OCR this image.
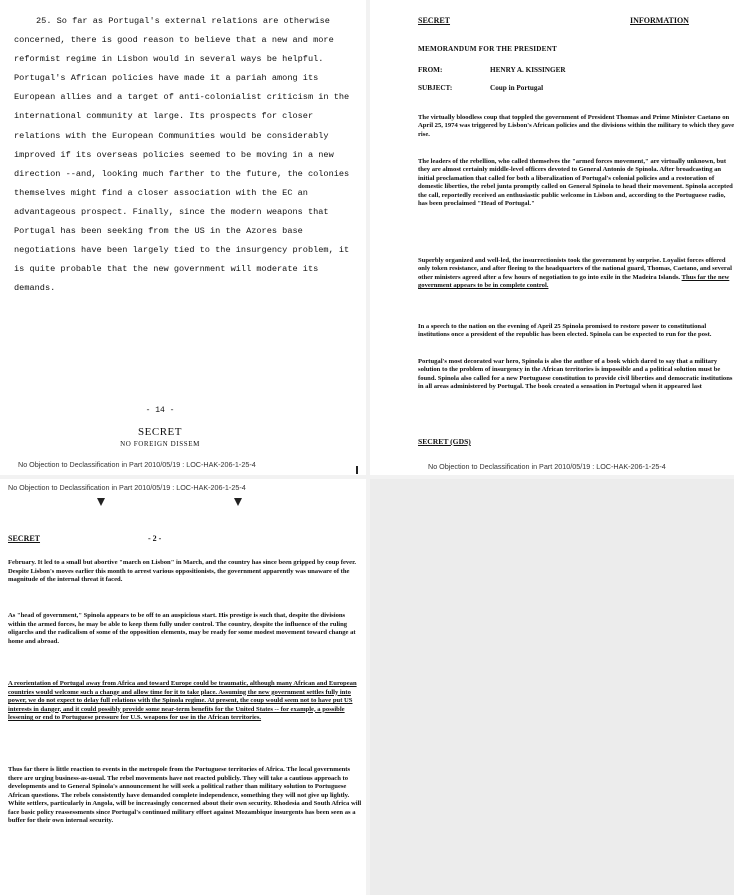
25. So far as Portugal's external relations are otherwise concerned, there is good reason to believe that a new and more reformist regime in Lisbon would in several ways be helpful. Portugal's African policies have made it a pariah among its European allies and a target of anti-colonialist criticism in the international community at large. Its prospects for closer relations with the European Communities would be considerably improved if its overseas policies seemed to be moving in a new direction --and, looking much farther to the future, the colonies themselves might find a closer association with the EC an advantageous prospect. Finally, since the modern weapons that Portugal has been seeking from the US in the Azores base negotiations have been largely tied to the insurgency problem, it is quite probable that the new government will moderate its demands.

- 14 -
SECRET
NO FOREIGN DISSEM
No Objection to Declassification in Part 2010/05/19 : LOC-HAK-206-1-25-4
SECRET	INFORMATION
MEMORANDUM FOR THE PRESIDENT
FROM:	HENRY A. KISSINGER
SUBJECT:	Coup in Portugal

The virtually bloodless coup that toppled the government of President Thomas and Prime Minister Caetano on April 25, 1974 was triggered by Lisbon's African policies and the divisions within the military to which they gave rise.

The leaders of the rebellion, who called themselves the "armed forces movement," are virtually unknown, but they are almost certainly middle-level officers devoted to General Antonio de Spinola. After broadcasting an initial proclamation that called for both a liberalization of Portugal's colonial policies and a restoration of domestic liberties, the rebel junta promptly called on General Spinola to head their movement. Spinola accepted the call, reportedly received an enthusiastic public welcome in Lisbon and, according to the Portuguese radio, has been proclaimed "Head of Portugal."

Superbly organized and well-led, the insurrectionists took the government by surprise. Loyalist forces offered only token resistance, and after fleeing to the headquarters of the national guard, Thomas, Caetano, and several other ministers agreed after a few hours of negotiation to go into exile in the Madeira Islands. Thus far the new government appears to be in complete control.

In a speech to the nation on the evening of April 25 Spinola promised to restore power to constitutional institutions once a president of the republic has been elected. Spinola can be expected to run for the post.

Portugal's most decorated war hero, Spinola is also the author of a book which dared to say that a military solution to the problem of insurgency in the African territories is impossible and a political solution must be found. Spinola also called for a new Portuguese constitution to provide civil liberties and democratic institutions in all areas administered by Portugal. The book created a sensation in Portugal when it appeared last

SECRET (GDS)
No Objection to Declassification in Part 2010/05/19 : LOC-HAK-206-1-25-4
No Objection to Declassification in Part 2010/05/19 : LOC-HAK-206-1-25-4
SECRET	- 2 -

February. It led to a small but abortive "march on Lisbon" in March, and the country has since been gripped by coup fever. Despite Lisbon's moves earlier this month to arrest various oppositionists, the government apparently was unaware of the magnitude of the internal threat it faced.

As "head of government," Spinola appears to be off to an auspicious start. His prestige is such that, despite the divisions within the armed forces, he may be able to keep them fully under control. The country, despite the influence of the ruling oligarchs and the radicalism of some of the opposition elements, may be ready for some modest movement toward change at home and abroad.

A reorientation of Portugal away from Africa and toward Europe could be traumatic, although many African and European countries would welcome such a change and allow time for it to take place. Assuming the new government settles fully into power, we do not expect to delay full relations with the Spinola regime. At present, the coup would seem not to have put US interests in danger, and it could possibly provide some near-term benefits for the United States -- for example, a possible lessening or end to Portuguese pressure for U.S. weapons for use in the African territories.

Thus far there is little reaction to events in the metropole from the Portuguese territories of Africa. The local governments there are urging business-as-usual. The rebel movements have not reacted publicly. They will take a cautious approach to developments and to General Spinola's announcement he will seek a political rather than military solution to Portuguese African questions. The rebels consistently have demanded complete independence, something they will not give up lightly. White settlers, particularly in Angola, will be increasingly concerned about their own security. Rhodesia and South Africa will face basic policy reassessments since Portugal's continued military effort against Mozambique insurgents has been seen as a buffer for their own internal security.
